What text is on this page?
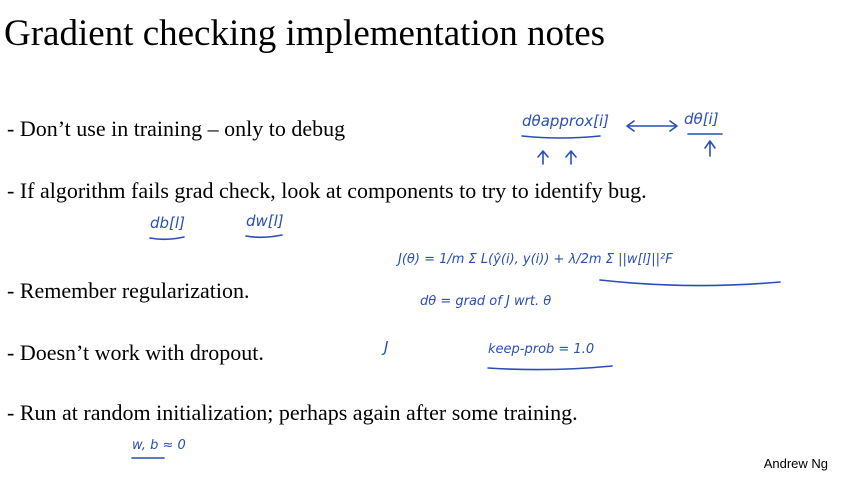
Gradient checking implementation notes
- Don’t use in training – only to debug
- If algorithm fails grad check, look at components to try to identify bug.
- Remember regularization.
- Doesn’t work with dropout.
- Run at random initialization; perhaps again after some training.
dθapprox[i]	dθ[i]
db[l]	dw[l]
J(θ) = 1/m Σ L(ŷ(i), y(i)) + λ/2m Σ ||w[l]||²F
dθ = grad of J wrt. θ
J	keep-prob = 1.0
w, b ≈ 0
Andrew Ng
